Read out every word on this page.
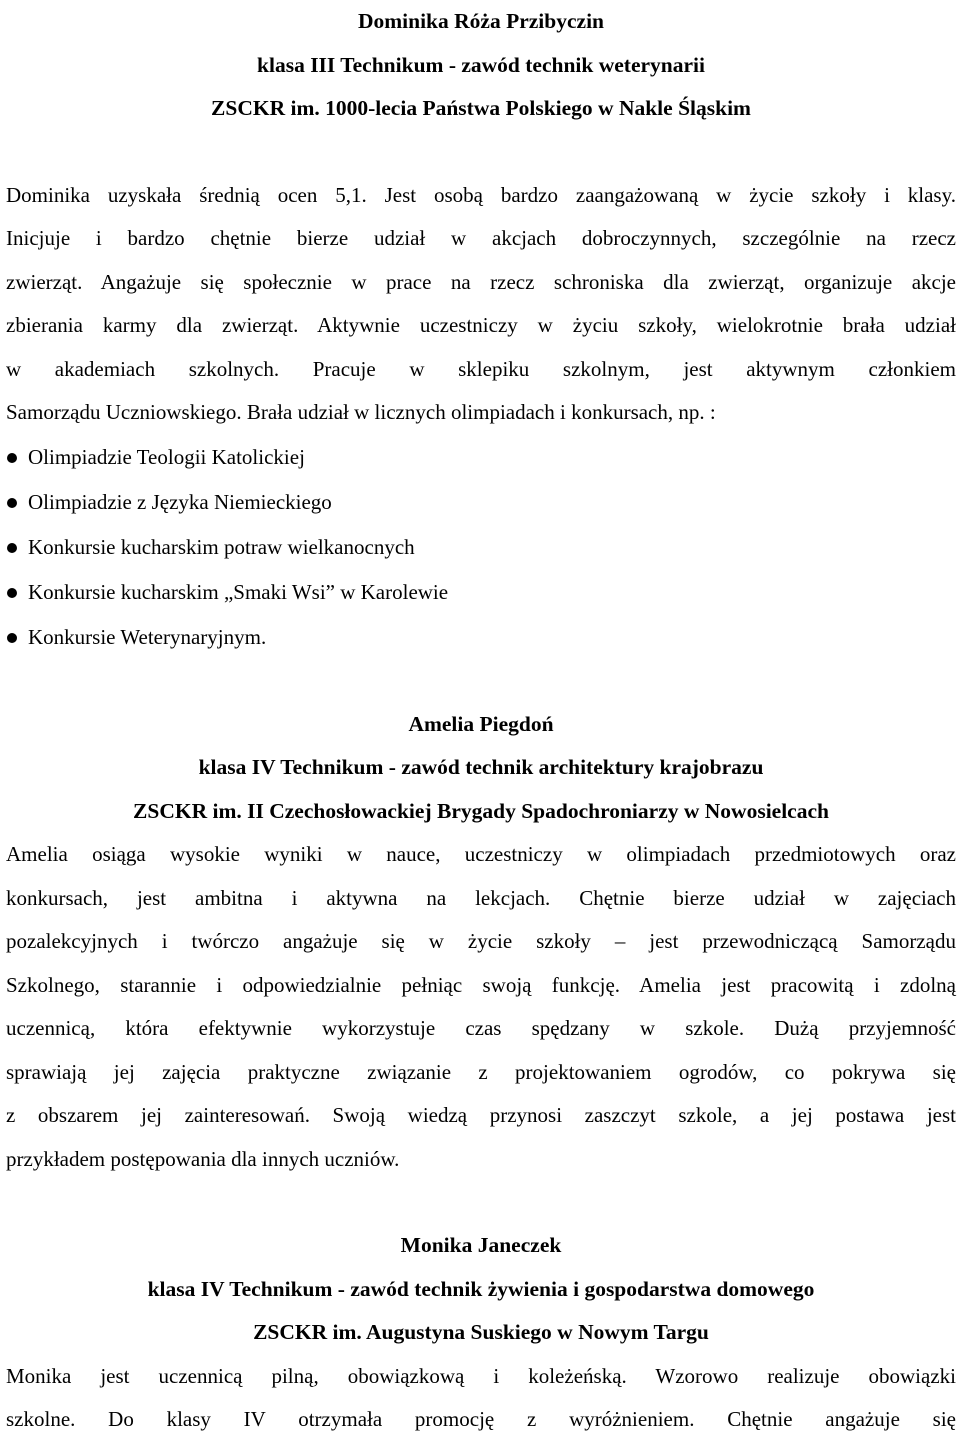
Dominika Róża Przibyczin

klasa III Technikum - zawód technik weterynarii

ZSCKR im. 1000-lecia Państwa Polskiego w Nakle Śląskim

Dominika uzyskała średnią ocen 5,1. Jest osobą bardzo zaangażowaną w życie szkoły i klasy.
Inicjuje i bardzo chętnie bierze udział w akcjach dobroczynnych, szczególnie na rzecz
zwierząt. Angażuje się społecznie w prace na rzecz schroniska dla zwierząt, organizuje akcje
zbierania karmy dla zwierząt. Aktywnie uczestniczy w życiu szkoły, wielokrotnie brała udział
w akademiach szkolnych. Pracuje w sklepiku szkolnym, jest aktywnym członkiem
Samorządu Uczniowskiego. Brała udział w licznych olimpiadach i konkursach, np. :

Olimpiadzie Teologii Katolickiej
Olimpiadzie z Języka Niemieckiego
Konkursie kucharskim potraw wielkanocnych
Konkursie kucharskim „Smaki Wsi” w Karolewie
Konkursie Weterynaryjnym.

Amelia Piegdoń

klasa IV Technikum - zawód technik architektury krajobrazu

ZSCKR im. II Czechosłowackiej Brygady Spadochroniarzy w Nowosielcach

Amelia osiąga wysokie wyniki w nauce, uczestniczy w olimpiadach przedmiotowych oraz
konkursach, jest ambitna i aktywna na lekcjach. Chętnie bierze udział w zajęciach
pozalekcyjnych i twórczo angażuje się w życie szkoły – jest przewodniczącą Samorządu
Szkolnego, starannie i odpowiedzialnie pełniąc swoją funkcję. Amelia jest pracowitą i zdolną
uczennicą, która efektywnie wykorzystuje czas spędzany w szkole. Dużą przyjemność
sprawiają jej zajęcia praktyczne związanie z projektowaniem ogrodów, co pokrywa się
z obszarem jej zainteresowań. Swoją wiedzą przynosi zaszczyt szkole, a jej postawa jest
przykładem postępowania dla innych uczniów.

Monika Janeczek

klasa IV Technikum - zawód technik żywienia i gospodarstwa domowego

ZSCKR im. Augustyna Suskiego w Nowym Targu

Monika jest uczennicą pilną, obowiązkową i koleżeńską. Wzorowo realizuje obowiązki
szkolne. Do klasy IV otrzymała promocję z wyróżnieniem. Chętnie angażuje się
